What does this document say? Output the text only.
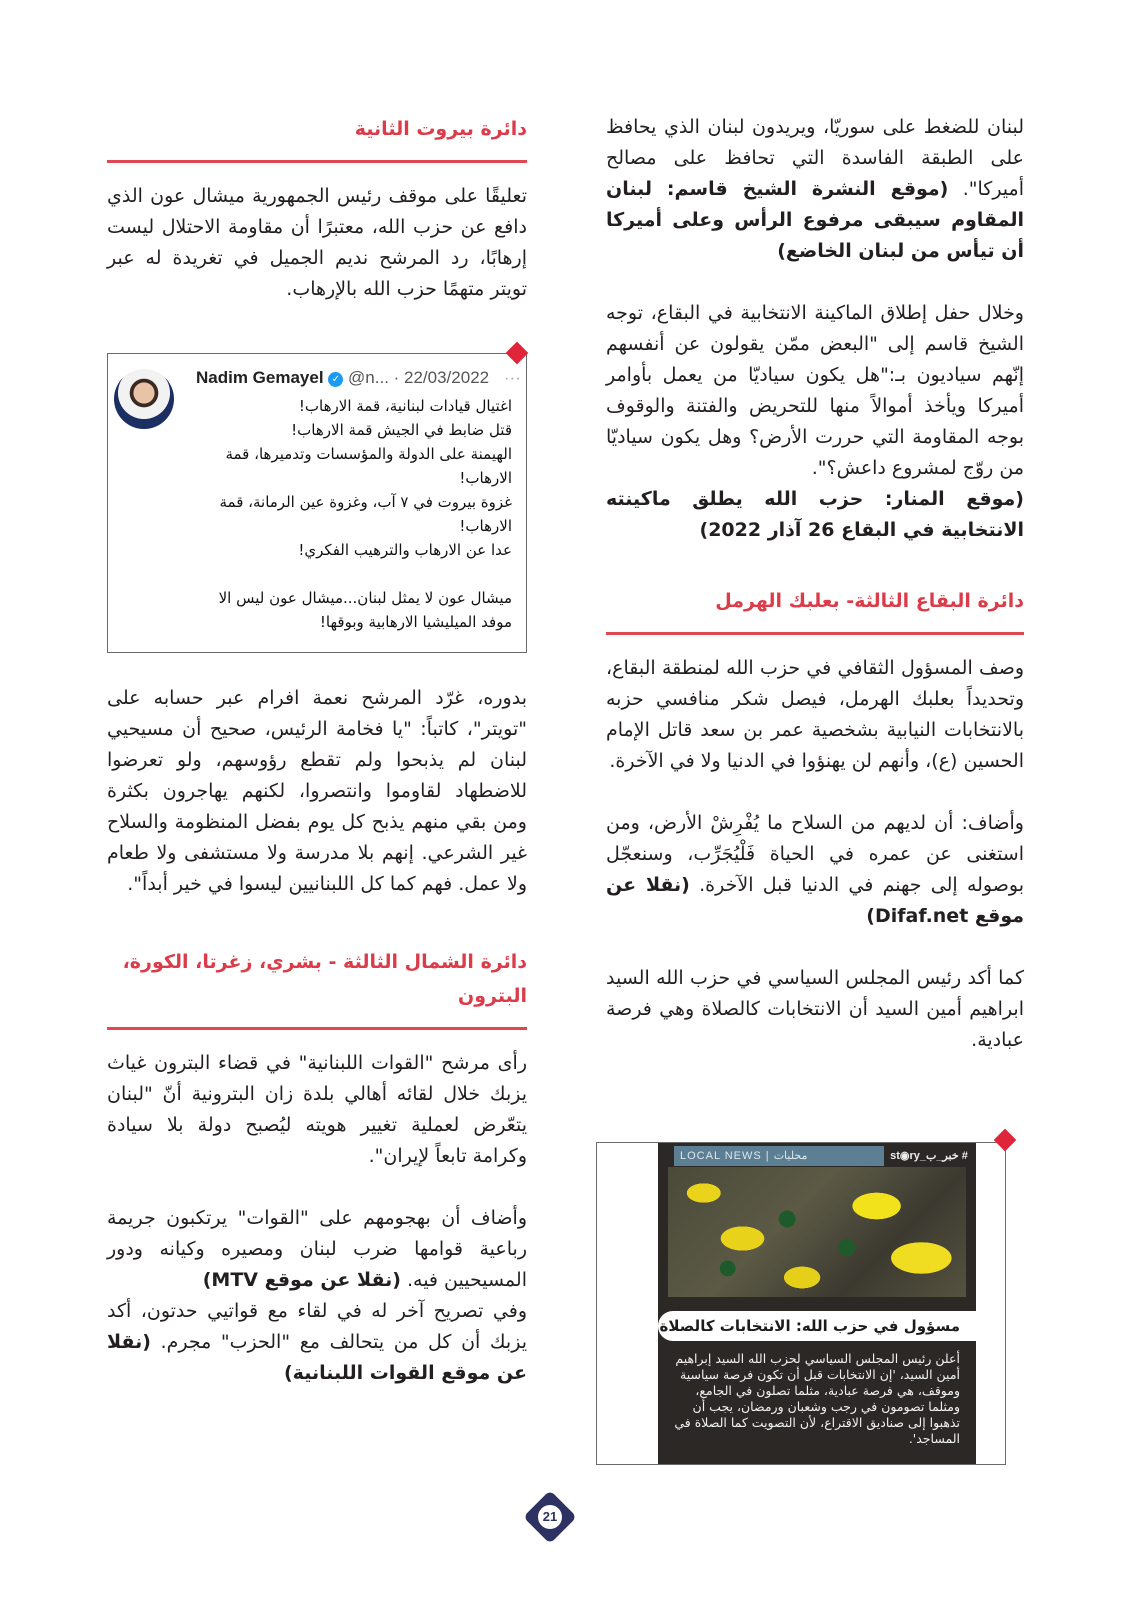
لبنان للضغط على سوريّا، ويريدون لبنان الذي يحافظ على الطبقة الفاسدة التي تحافظ على مصالح أميركا". (موقع النشرة الشيخ قاسم: لبنان المقاوم سيبقى مرفوع الرأس وعلى أميركا أن تيأس من لبنان الخاضع)

وخلال حفل إطلاق الماكينة الانتخابية في البقاع، توجه الشيخ قاسم إلى "البعض ممّن يقولون عن أنفسهم إنّهم سياديون بـ:"هل يكون سياديّا من يعمل بأوامر أميركا ويأخذ أموالاً منها للتحريض والفتنة والوقوف بوجه المقاومة التي حررت الأرض؟ وهل يكون سياديّا من روّج لمشروع داعش؟".

(موقع المنار: حزب الله يطلق ماكينته الانتخابية في البقاع 26 آذار 2022)

دائرة البقاع الثالثة- بعلبك الهرمل

وصف المسؤول الثقافي في حزب الله لمنطقة البقاع، وتحديداً بعلبك الهرمل، فيصل شكر منافسي حزبه بالانتخابات النيابية بشخصية عمر بن سعد قاتل الإمام الحسين (ع)، وأنهم لن يهنؤوا في الدنيا ولا في الآخرة.

وأضاف: أن لديهم من السلاح ما يُفْرِشْ الأرض، ومن استغنى عن عمره في الحياة فَلْيُجَرِّب، وسنعجّل بوصوله إلى جهنم في الدنيا قبل الآخرة. (نقلا عن موقع Difaf.net)

كما أكد رئيس المجلس السياسي في حزب الله السيد ابراهيم أمين السيد أن الانتخابات كالصلاة وهي فرصة عبادية.

دائرة بيروت الثانية

تعليقًا على موقف رئيس الجمهورية ميشال عون الذي دافع عن حزب الله، معتبرًا أن مقاومة الاحتلال ليست إرهابًا، رد المرشح نديم الجميل في تغريدة له عبر تويتر متهمًا حزب الله بالإرهاب.

Nadim Gemayel ✓ @n... · 22/03/2022 ···
اغتيال قيادات لبنانية، قمة الارهاب!
قتل ضابط في الجيش قمة الارهاب!
الهيمنة على الدولة والمؤسسات وتدميرها، قمة الارهاب!
غزوة بيروت في ٧ آب، وغزوة عين الرمانة، قمة الارهاب!
عدا عن الارهاب والترهيب الفكري!
ميشال عون لا يمثل لبنان...ميشال عون ليس الا موفد الميليشيا الارهابية وبوقها!

بدوره، غرّد المرشح نعمة افرام عبر حسابه على "تويتر"، كاتباً: "يا فخامة الرئيس، صحيح أن مسيحيي لبنان لم يذبحوا ولم تقطع رؤوسهم، ولو تعرضوا للاضطهاد لقاوموا وانتصروا، لكنهم يهاجرون بكثرة ومن بقي منهم يذبح كل يوم بفضل المنظومة والسلاح غير الشرعي. إنهم بلا مدرسة ولا مستشفى ولا طعام ولا عمل. فهم كما كل اللبنانيين ليسوا في خير أبداً".

دائرة الشمال الثالثة - بشري، زغرتا، الكورة، البترون

رأى مرشح "القوات اللبنانية" في قضاء البترون غياث يزبك خلال لقائه أهالي بلدة زان البترونية أنّ "لبنان يتعّرض لعملية تغيير هويته ليُصبح دولة بلا سيادة وكرامة تابعاً لإيران".

وأضاف أن بهجومهم على "القوات" يرتكبون جريمة رباعية قوامها ضرب لبنان ومصيره وكيانه ودور المسيحيين فيه. (نقلا عن موقع MTV)

وفي تصريح آخر له في لقاء مع قواتيي حدتون، أكد يزبك أن كل من يتحالف مع "الحزب" مجرم. (نقلا عن موقع القوات اللبنانية)

LOCAL NEWS | محليات	st◉ry_خبر_ب #
مسؤول في حزب الله: الانتخابات كالصلاة
أعلن رئيس المجلس السياسي لحزب الله السيد إبراهيم أمين السيد، 'إن الانتخابات قبل أن تكون فرصة سياسية وموقف، هي فرصة عبادية، مثلما تصلون في الجامع، ومثلما تصومون في رجب وشعبان ورمضان، يجب أن تذهبوا إلى صناديق الاقتراع، لأن التصويت كما الصلاة في المساجد'.
21
